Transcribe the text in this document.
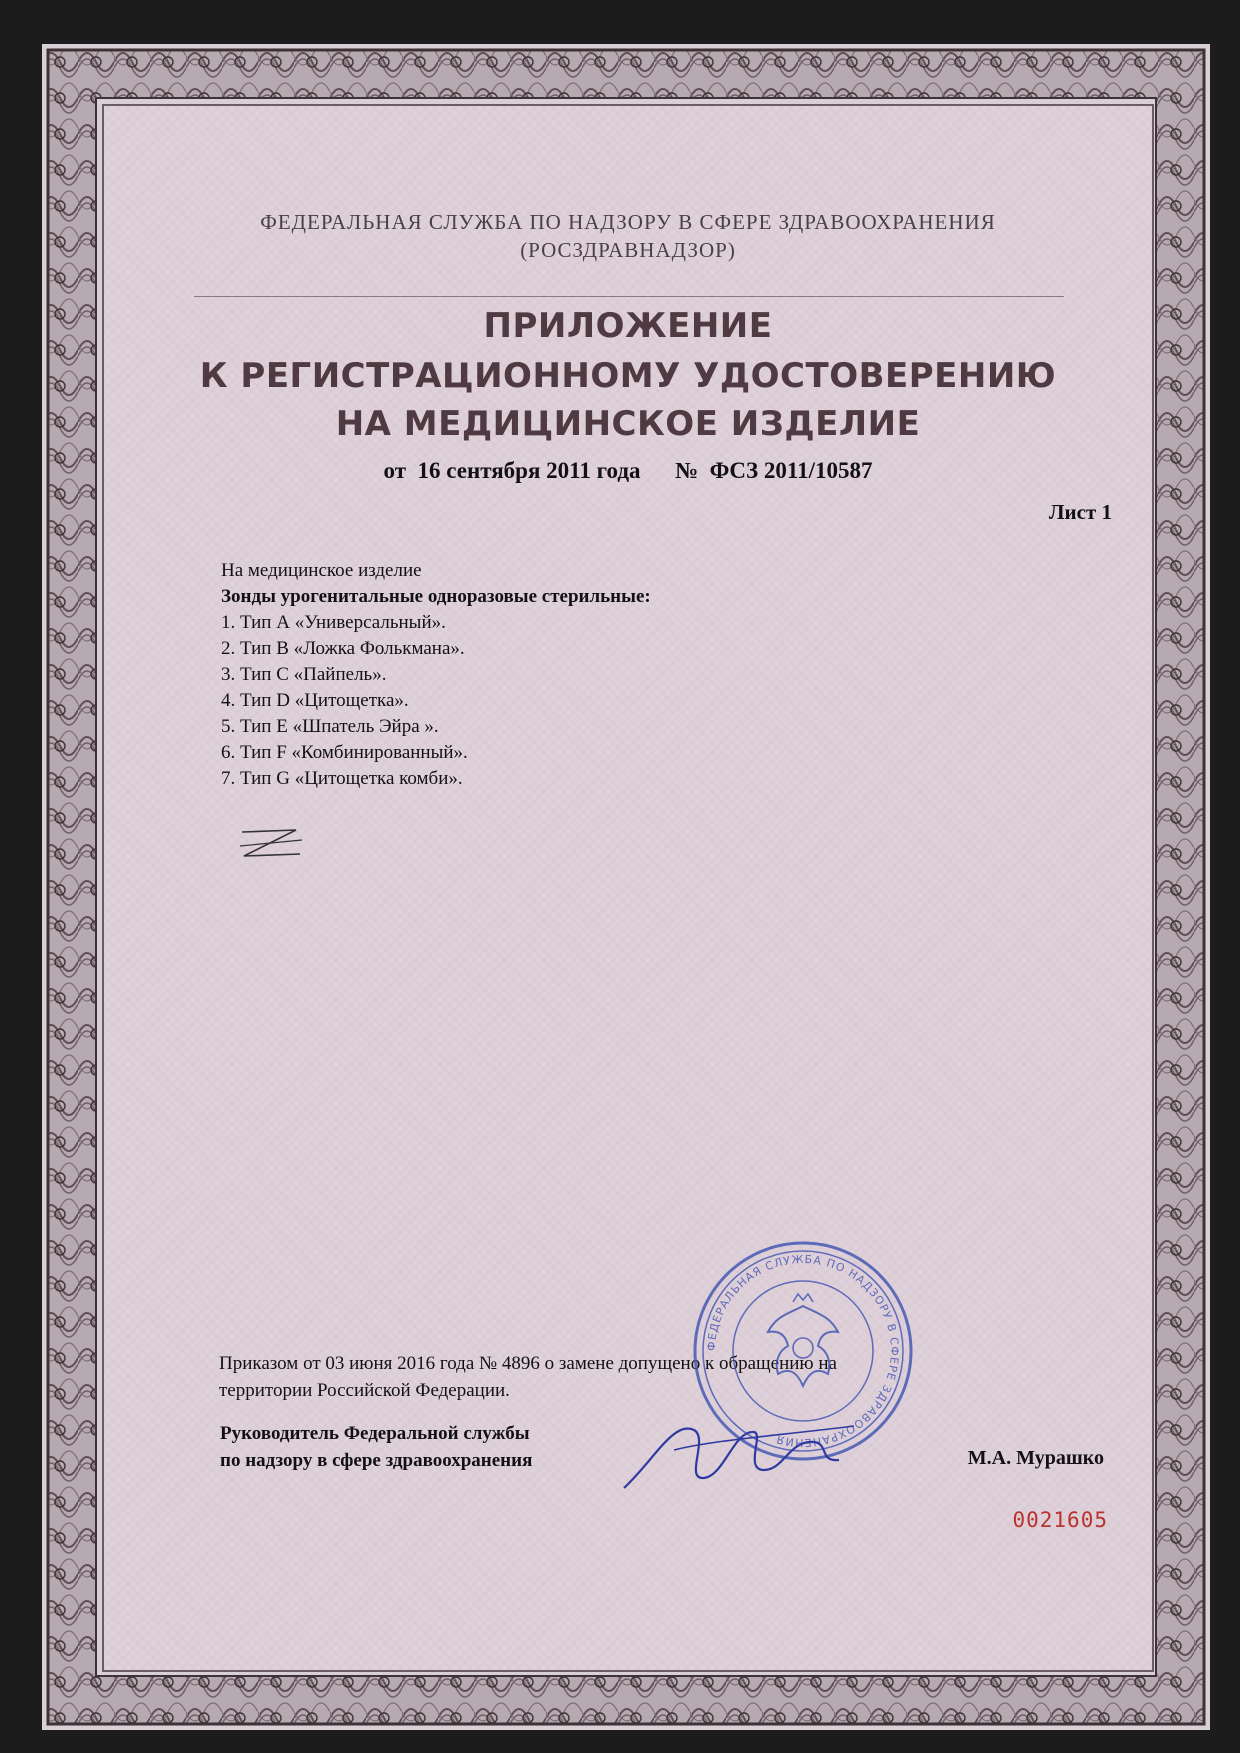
ФЕДЕРАЛЬНАЯ СЛУЖБА ПО НАДЗОРУ В СФЕРЕ ЗДРАВООХРАНЕНИЯ
(РОСЗДРАВНАДЗОР)
ПРИЛОЖЕНИЕ
К РЕГИСТРАЦИОННОМУ УДОСТОВЕРЕНИЮ
НА МЕДИЦИНСКОЕ ИЗДЕЛИЕ
от  16 сентября 2011 года №  ФСЗ 2011/10587
Лист 1
На медицинское изделие
Зонды урогенитальные одноразовые стерильные:
1. Тип А «Универсальный».
2. Тип В «Ложка Фолькмана».
3. Тип С «Пайпель».
4. Тип D «Цитощетка».
5. Тип Е «Шпатель Эйра ».
6. Тип F «Комбинированный».
7. Тип G «Цитощетка комби».
Приказом от 03 июня 2016 года № 4896 о замене допущено к обращению на
территории Российской Федерации.
Руководитель Федеральной службы
по надзору в сфере здравоохранения	М.А. Мурашко
ФЕДЕРАЛЬНАЯ СЛУЖБА ПО НАДЗОРУ В СФЕРЕ ЗДРАВООХРАНЕНИЯ
0021605
